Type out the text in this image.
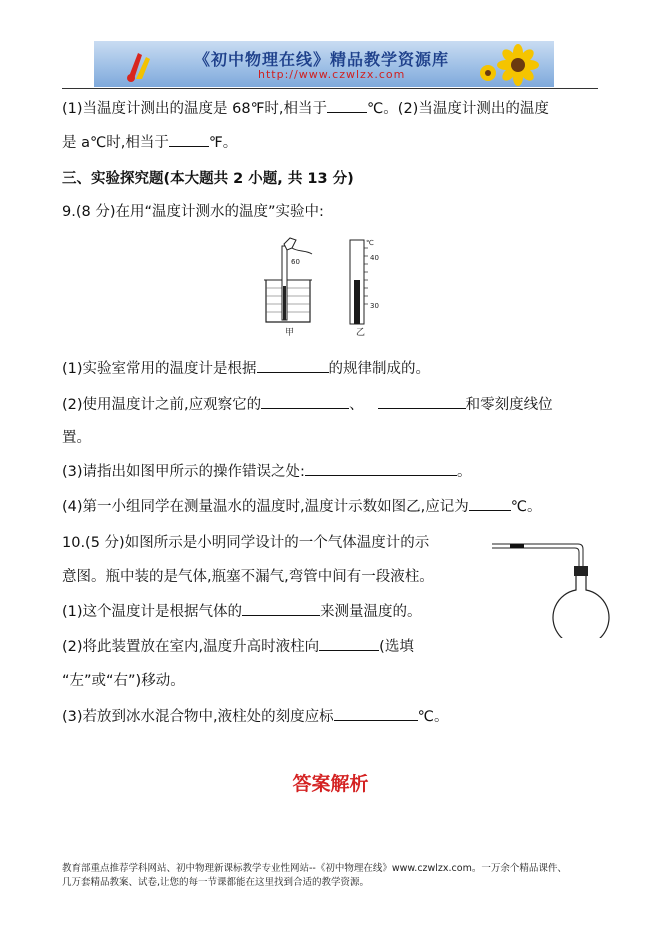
《初中物理在线》精品教学资源库
http://www.czwlzx.com
(1)当温度计测出的温度是 68℉时,相当于	℃。(2)当温度计测出的温度
是 a℃时,相当于	℉。
三、实验探究题(本大题共 2 小题, 共 13 分)
9.(8 分)在用“温度计测水的温度”实验中:
60
甲
℃
40
30
乙
(1)实验室常用的温度计是根据	的规律制成的。
(2)使用温度计之前,应观察它的	、	和零刻度线位
置。
(3)请指出如图甲所示的操作错误之处:	。
(4)第一小组同学在测量温水的温度时,温度计示数如图乙,应记为	℃。
10.(5 分)如图所示是小明同学设计的一个气体温度计的示
意图。瓶中装的是气体,瓶塞不漏气,弯管中间有一段液柱。
(1)这个温度计是根据气体的	来测量温度的。
(2)将此装置放在室内,温度升高时液柱向	(选填
“左”或“右”)移动。
(3)若放到冰水混合物中,液柱处的刻度应标	℃。
答案解析
教育部重点推荐学科网站、初中物理新课标教学专业性网站--《初中物理在线》www.czwlzx.com。一万余个精品课件、
几万套精品教案、试卷,让您的每一节课都能在这里找到合适的教学资源。
